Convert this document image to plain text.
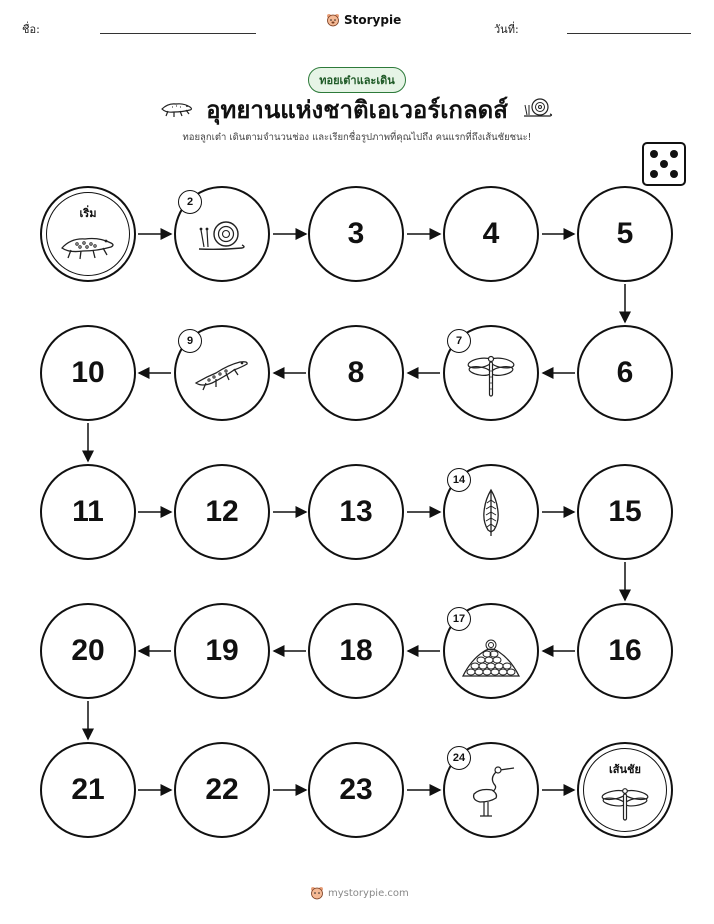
ชื่อ:
Storypie
วันที่:
ทอยเต๋าและเดิน
อุทยานแห่งชาติเอเวอร์เกลดส์
ทอยลูกเต๋า เดินตามจำนวนช่อง และเรียกชื่อรูปภาพที่คุณไปถึง คนแรกที่ถึงเส้นชัยชนะ!
เริ่ม
2
3	4	5
6
7
8
9
10
11	12	13
14
15
16
17
18
19
20
21	22	23
24
เส้นชัย
mystorypie.com
